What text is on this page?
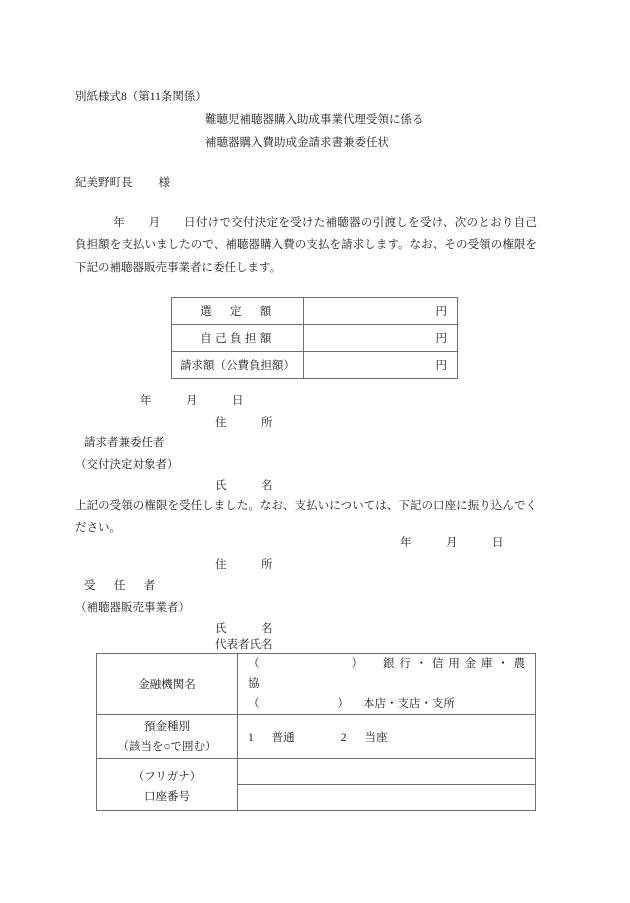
別紙様式8（第11条関係）
難聴児補聴器購入助成事業代理受領に係る
補聴器購入費助成金請求書兼委任状
紀美野町長 様
年　　月　　日付けで交付決定を受けた補聴器の引渡しを受け、次のとおり自己負担額を支払いましたので、補聴器購入費の支払を請求します。なお、その受領の権限を下記の補聴器販売事業者に委任します。
選　定　額	円
自己負担額	円
請求額（公費負担額）	円
年　　　月　　　日
住　　　所
請求者兼委任者
（交付決定対象者）
氏　　　名
上記の受領の権限を受任しました。なお、支払いについては、下記の口座に振り込んでください。
年　　　月　　　日
住　　　所
受　任　者
（補聴器販売事業者）
氏　　　名
代表者氏名
金融機関名	（ ） 銀行・信用金庫・農協
（ ） 本店・支店・支所

預金種別
（該当を○で囲む）	1 普通 2 当座
（フリガナ）
口座番号	
